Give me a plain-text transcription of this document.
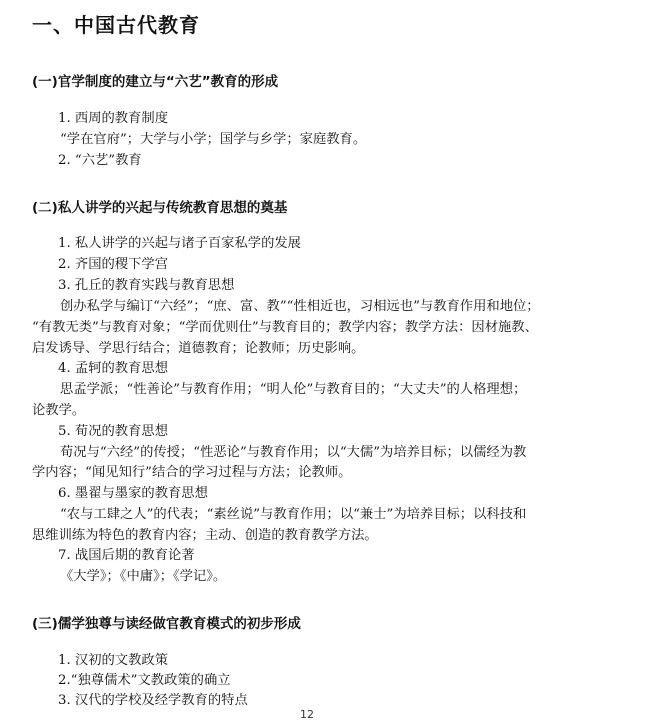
一、中国古代教育
(一)官学制度的建立与“六艺”教育的形成

1. 西周的教育制度

“学在官府”；大学与小学；国学与乡学；家庭教育。

2. “六艺”教育

(二)私人讲学的兴起与传统教育思想的奠基

1. 私人讲学的兴起与诸子百家私学的发展

2. 齐国的稷下学宫

3. 孔丘的教育实践与教育思想

创办私学与编订“六经”；“庶、富、教”“性相近也，习相远也”与教育作用和地位；

“有教无类”与教育对象；“学而优则仕”与教育目的；教学内容；教学方法：因材施教、

启发诱导、学思行结合；道德教育；论教师；历史影响。

4. 孟轲的教育思想

思孟学派；“性善论”与教育作用；“明人伦”与教育目的；“大丈夫”的人格理想；

论教学。

5. 荀况的教育思想

荀况与“六经”的传授；“性恶论”与教育作用；以“大儒”为培养目标；以儒经为教

学内容；“闻见知行”结合的学习过程与方法；论教师。

6. 墨翟与墨家的教育思想

“农与工肆之人”的代表；“素丝说”与教育作用；以“兼士”为培养目标；以科技和

思维训练为特色的教育内容；主动、创造的教育教学方法。

7. 战国后期的教育论著

《大学》；《中庸》；《学记》。

(三)儒学独尊与读经做官教育模式的初步形成

1. 汉初的文教政策

2.“独尊儒术”文教政策的确立

3. 汉代的学校及经学教育的特点

12
